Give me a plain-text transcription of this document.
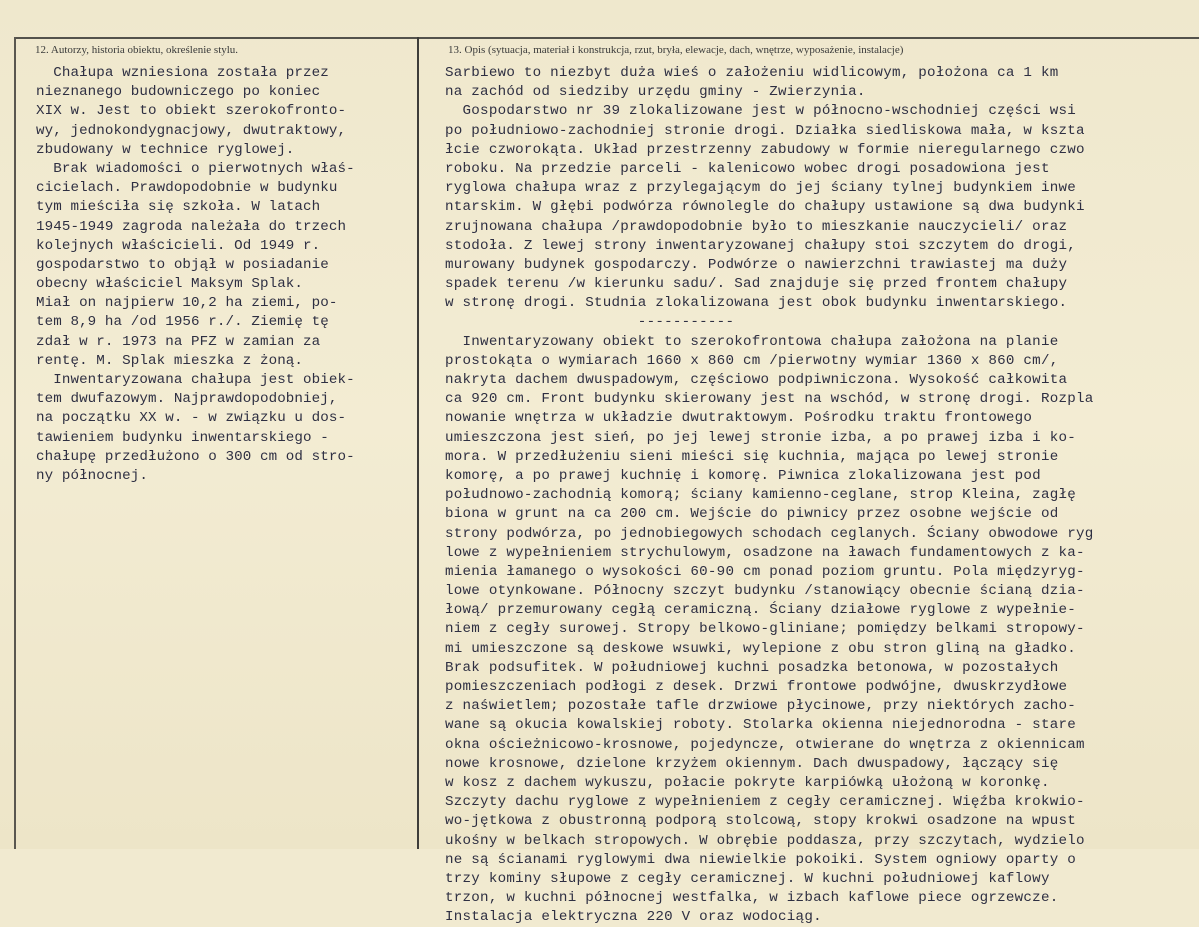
12. Autorzy, historia obiektu, określenie stylu.	13. Opis (sytuacja, materiał i konstrukcja, rzut, bryła, elewacje, dach, wnętrze, wyposażenie, instalacje)
Chałupa wzniesiona została przez
nieznanego budowniczego po koniec
XIX w. Jest to obiekt szerokofronto-
wy, jednokondygnacjowy, dwutraktowy,
zbudowany w technice ryglowej.
Brak wiadomości o pierwotnych właś-
cicielach. Prawdopodobnie w budynku
tym mieściła się szkoła. W latach
1945-1949 zagroda należała do trzech
kolejnych właścicieli. Od 1949 r.
gospodarstwo to objął w posiadanie
obecny właściciel Maksym Splak.
Miał on najpierw 10,2 ha ziemi, po-
tem 8,9 ha /od 1956 r./. Ziemię tę
zdał w r. 1973 na PFZ w zamian za
rentę. M. Splak mieszka z żoną.
Inwentaryzowana chałupa jest obiek-
tem dwufazowym. Najprawdopodobniej,
na początku XX w. - w związku u dos-
tawieniem budynku inwentarskiego -
chałupę przedłużono o 300 cm od stro-
ny północnej.
Sarbiewo to niezbyt duża wieś o założeniu widlicowym, położona ca 1 km
na zachód od siedziby urzędu gminy - Zwierzynia.
Gospodarstwo nr 39 zlokalizowane jest w północno-wschodniej części wsi
po południowo-zachodniej stronie drogi. Działka siedliskowa mała, w kszta
łcie czworokąta. Układ przestrzenny zabudowy w formie nieregularnego czwo
roboku. Na przedzie parceli - kalenicowo wobec drogi posadowiona jest
ryglowa chałupa wraz z przylegającym do jej ściany tylnej budynkiem inwe
ntarskim. W głębi podwórza równolegle do chałupy ustawione są dwa budynki
zrujnowana chałupa /prawdopodobnie było to mieszkanie nauczycieli/ oraz
stodoła. Z lewej strony inwentaryzowanej chałupy stoi szczytem do drogi,
murowany budynek gospodarczy. Podwórze o nawierzchni trawiastej ma duży
spadek terenu /w kierunku sadu/. Sad znajduje się przed frontem chałupy
w stronę drogi. Studnia zlokalizowana jest obok budynku inwentarskiego.
-----------
Inwentaryzowany obiekt to szerokofrontowa chałupa założona na planie
prostokąta o wymiarach 1660 x 860 cm /pierwotny wymiar 1360 x 860 cm/,
nakryta dachem dwuspadowym, częściowo podpiwniczona. Wysokość całkowita
ca 920 cm. Front budynku skierowany jest na wschód, w stronę drogi. Rozpla
nowanie wnętrza w układzie dwutraktowym. Pośrodku traktu frontowego
umieszczona jest sień, po jej lewej stronie izba, a po prawej izba i ko-
mora. W przedłużeniu sieni mieści się kuchnia, mająca po lewej stronie
komorę, a po prawej kuchnię i komorę. Piwnica zlokalizowana jest pod
połudnowo-zachodnią komorą; ściany kamienno-ceglane, strop Kleina, zagłę
biona w grunt na ca 200 cm. Wejście do piwnicy przez osobne wejście od
strony podwórza, po jednobiegowych schodach ceglanych. Ściany obwodowe ryg
lowe z wypełnieniem strychulowym, osadzone na ławach fundamentowych z ka-
mienia łamanego o wysokości 60-90 cm ponad poziom gruntu. Pola międzyryg-
lowe otynkowane. Północny szczyt budynku /stanowiący obecnie ścianą dzia-
łową/ przemurowany cegłą ceramiczną. Ściany działowe ryglowe z wypełnie-
niem z cegły surowej. Stropy belkowo-gliniane; pomiędzy belkami stropowy-
mi umieszczone są deskowe wsuwki, wylepione z obu stron gliną na gładko.
Brak podsufitek. W południowej kuchni posadzka betonowa, w pozostałych
pomieszczeniach podłogi z desek. Drzwi frontowe podwójne, dwuskrzydłowe
z naświetlem; pozostałe tafle drzwiowe płycinowe, przy niektórych zacho-
wane są okucia kowalskiej roboty. Stolarka okienna niejednorodna - stare
okna ościeżnicowo-krosnowe, pojedyncze, otwierane do wnętrza z okiennicam
nowe krosnowe, dzielone krzyżem okiennym. Dach dwuspadowy, łączący się
w kosz z dachem wykuszu, połacie pokryte karpiówką ułożoną w koronkę.
Szczyty dachu ryglowe z wypełnieniem z cegły ceramicznej. Więźba krokwio-
wo-jętkowa z obustronną podporą stolcową, stopy krokwi osadzone na wpust
ukośny w belkach stropowych. W obrębie poddasza, przy szczytach, wydzielo
ne są ścianami ryglowymi dwa niewielkie pokoiki. System ogniowy oparty o
trzy kominy słupowe z cegły ceramicznej. W kuchni południowej kaflowy
trzon, w kuchni północnej westfalka, w izbach kaflowe piece ogrzewcze.
Instalacja elektryczna 220 V oraz wodociąg.
